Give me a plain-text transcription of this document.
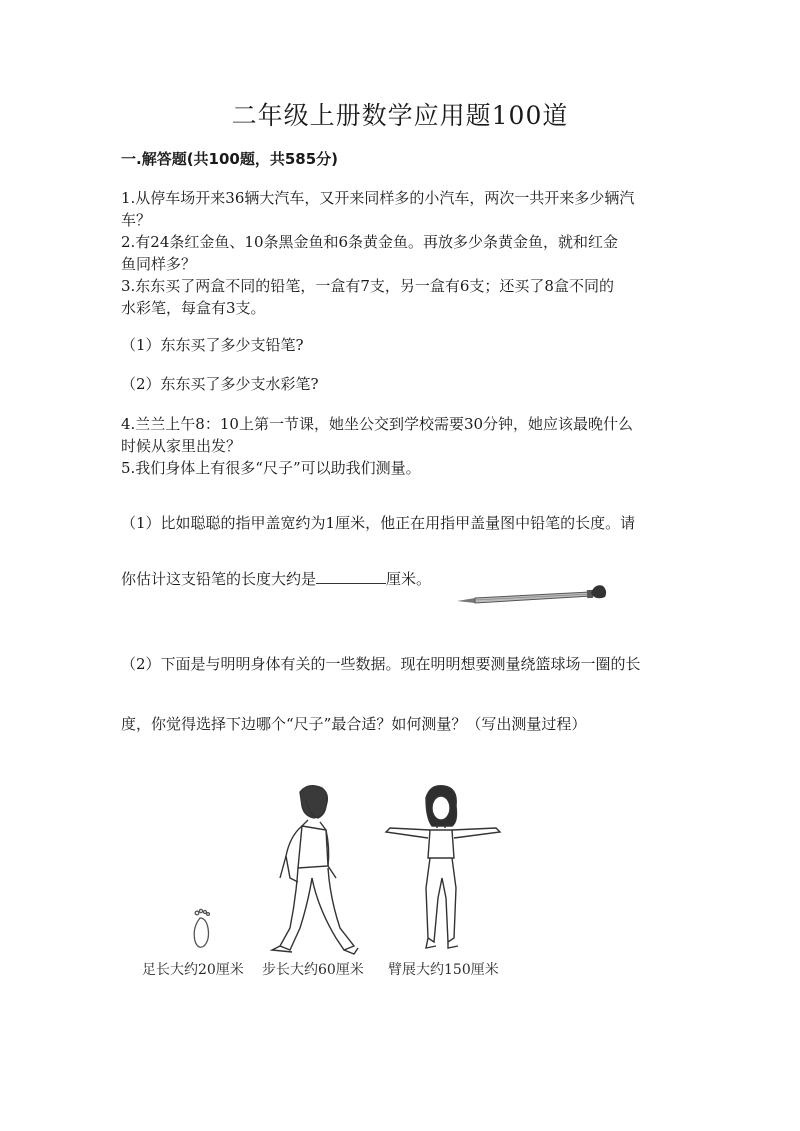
二年级上册数学应用题100道
一.解答题(共100题，共585分)

1.从停车场开来36辆大汽车，又开来同样多的小汽车，两次一共开来多少辆汽

车？

2.有24条红金鱼、10条黑金鱼和6条黄金鱼。再放多少条黄金鱼，就和红金

鱼同样多？

3.东东买了两盒不同的铅笔，一盒有7支，另一盒有6支；还买了8盒不同的

水彩笔，每盒有3支。

（1）东东买了多少支铅笔?

（2）东东买了多少支水彩笔?

4.兰兰上午8：10上第一节课，她坐公交到学校需要30分钟，她应该最晚什么

时候从家里出发？

5.我们身体上有很多“尺子”可以助我们测量。

（1）比如聪聪的指甲盖宽约为1厘米，他正在用指甲盖量图中铅笔的长度。请

你估计这支铅笔的长度大约是	厘米。

（2）下面是与明明身体有关的一些数据。现在明明想要测量绕篮球场一圈的长

度，你觉得选择下边哪个“尺子”最合适？如何测量？（写出测量过程）

足长大约20厘米 步长大约60厘米 臂展大约150厘米
